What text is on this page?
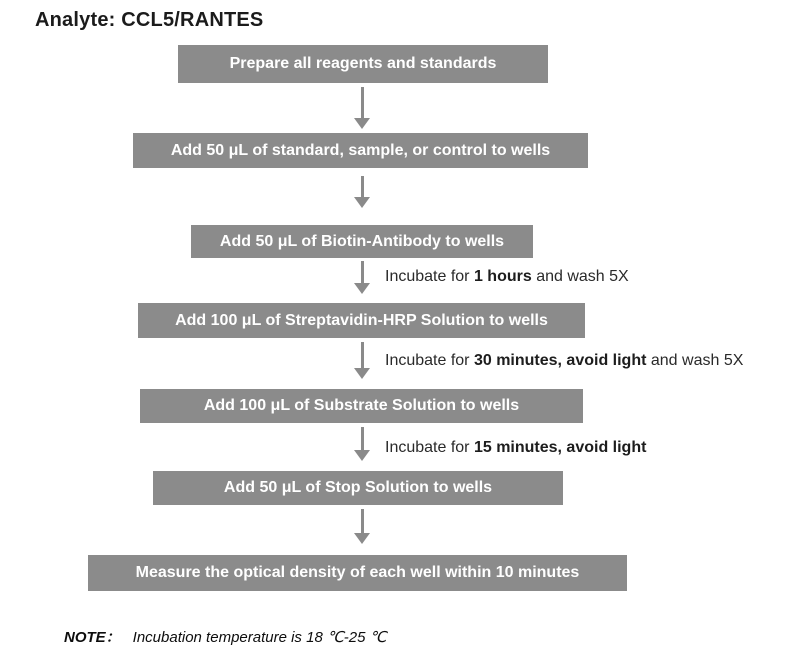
Analyte: CCL5/RANTES
Prepare all reagents and standards
Add 50 μL of standard, sample, or control to wells
Add 50 μL of Biotin-Antibody to wells
Incubate for 1 hours and wash 5X
Add 100 μL of Streptavidin-HRP Solution to wells
Incubate for 30 minutes, avoid light and wash 5X
Add 100 μL of Substrate Solution to wells
Incubate for 15 minutes, avoid light
Add 50 μL of Stop Solution to wells
Measure the optical density of each well within 10 minutes
NOTE： Incubation temperature is 18 ℃-25 ℃
